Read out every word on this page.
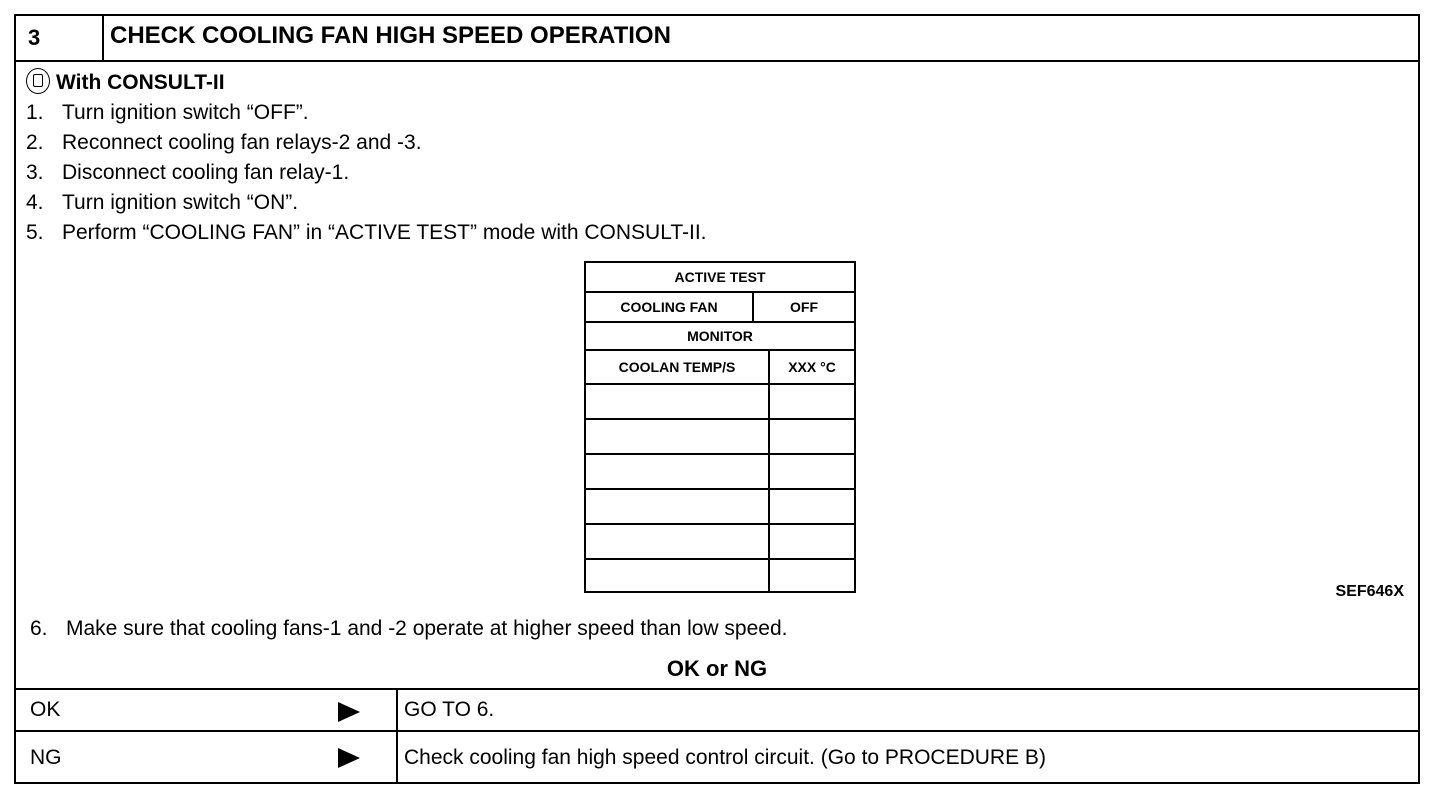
3	CHECK COOLING FAN HIGH SPEED OPERATION
With CONSULT-II
1. Turn ignition switch “OFF”.
2. Reconnect cooling fan relays-2 and -3.
3. Disconnect cooling fan relay-1.
4. Turn ignition switch “ON”.
5. Perform “COOLING FAN” in “ACTIVE TEST” mode with CONSULT-II.
ACTIVE TEST
COOLING FAN	OFF
MONITOR
COOLAN TEMP/S	XXX °C
SEF646X
6. Make sure that cooling fans-1 and -2 operate at higher speed than low speed.
OK or NG
OK	GO TO 6.
NG	Check cooling fan high speed control circuit. (Go to PROCEDURE B)
